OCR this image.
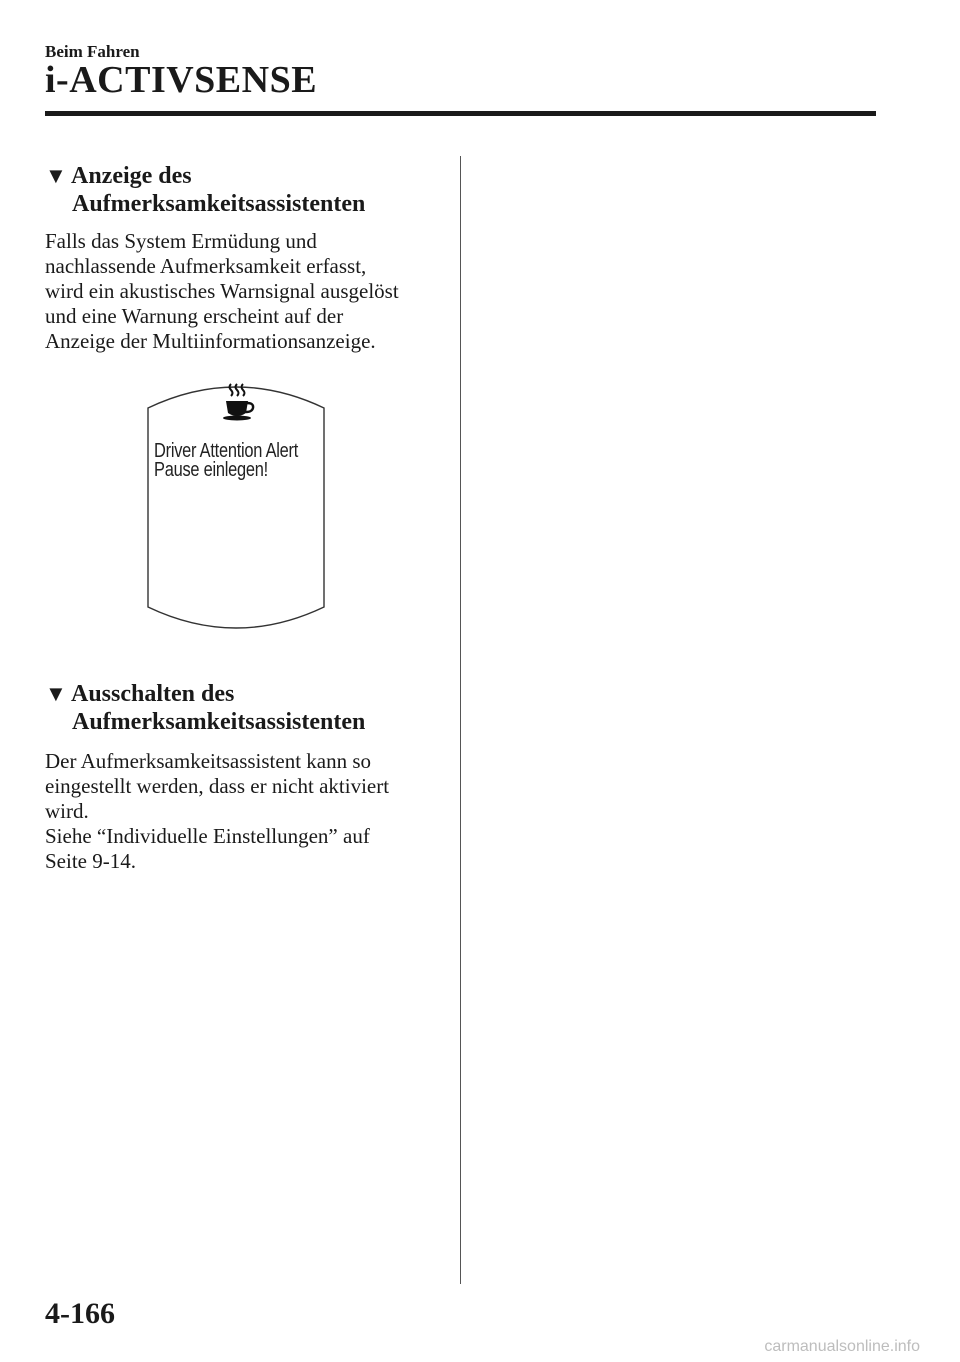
Beim Fahren
i-ACTIVSENSE
▼ Anzeige des
Aufmerksamkeitsassistenten
Falls das System Ermüdung und
nachlassende Aufmerksamkeit erfasst,
wird ein akustisches Warnsignal ausgelöst
und eine Warnung erscheint auf der
Anzeige der Multiinformationsanzeige.
Driver Attention Alert
Pause einlegen!
▼ Ausschalten des
Aufmerksamkeitsassistenten
Der Aufmerksamkeitsassistent kann so
eingestellt werden, dass er nicht aktiviert
wird.
Siehe “Individuelle Einstellungen” auf
Seite 9-14.
4-166
carmanualsonline.info
